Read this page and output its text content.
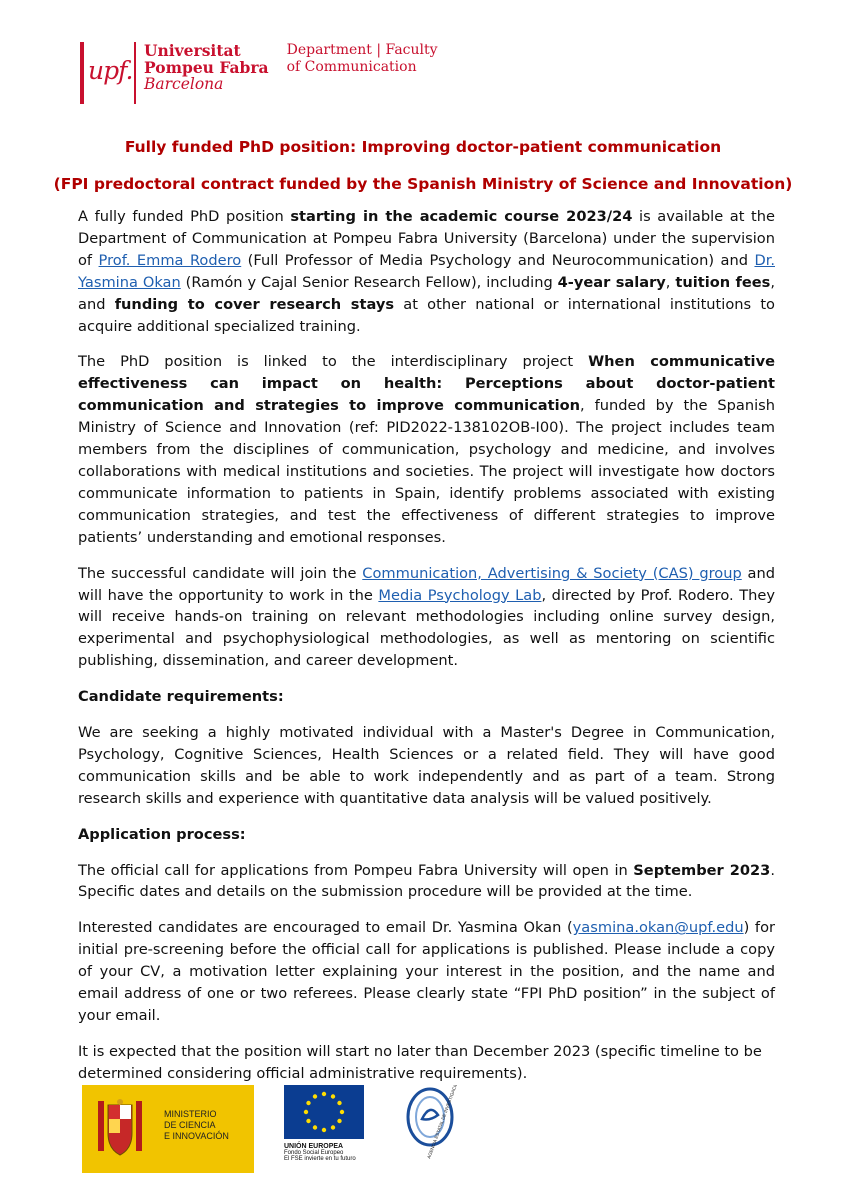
upf.
Universitat
Pompeu Fabra
Barcelona
Department | Faculty
of Communication
Fully funded PhD position: Improving doctor-patient communication
(FPI predoctoral contract funded by the Spanish Ministry of Science and Innovation)

A fully funded PhD position starting in the academic course 2023/24 is available at the Department of Communication at Pompeu Fabra University (Barcelona) under the supervision of Prof. Emma Rodero (Full Professor of Media Psychology and Neurocommunication) and Dr. Yasmina Okan (Ramón y Cajal Senior Research Fellow), including 4-year salary, tuition fees, and funding to cover research stays at other national or international institutions to acquire additional specialized training.

The PhD position is linked to the interdisciplinary project When communicative effectiveness can impact on health: Perceptions about doctor-patient communication and strategies to improve communication, funded by the Spanish Ministry of Science and Innovation (ref: PID2022-138102OB-I00). The project includes team members from the disciplines of communication, psychology and medicine, and involves collaborations with medical institutions and societies. The project will investigate how doctors communicate information to patients in Spain, identify problems associated with existing communication strategies, and test the effectiveness of different strategies to improve patients’ understanding and emotional responses.

The successful candidate will join the Communication, Advertising & Society (CAS) group and will have the opportunity to work in the Media Psychology Lab, directed by Prof. Rodero. They will receive hands-on training on relevant methodologies including online survey design, experimental and psychophysiological methodologies, as well as mentoring on scientific publishing, dissemination, and career development.

Candidate requirements:

We are seeking a highly motivated individual with a Master's Degree in Communication, Psychology, Cognitive Sciences, Health Sciences or a related field. They will have good communication skills and be able to work independently and as part of a team. Strong research skills and experience with quantitative data analysis will be valued positively.

Application process:

The official call for applications from Pompeu Fabra University will open in September 2023. Specific dates and details on the submission procedure will be provided at the time.

Interested candidates are encouraged to email Dr. Yasmina Okan (yasmina.okan@upf.edu) for initial pre-screening before the official call for applications is published. Please include a copy of your CV, a motivation letter explaining your interest in the position, and the name and email address of one or two referees. Please clearly state “FPI PhD position” in the subject of your email.

It is expected that the position will start no later than December 2023 (specific timeline to be determined considering official administrative requirements).

MINISTERIO
DE CIENCIA
E INNOVACIÓN
UNIÓN EUROPEA
Fondo Social Europeo
El FSE invierte en tu futuro	AGENCIA ESTATAL DE INVESTIGACIÓN
